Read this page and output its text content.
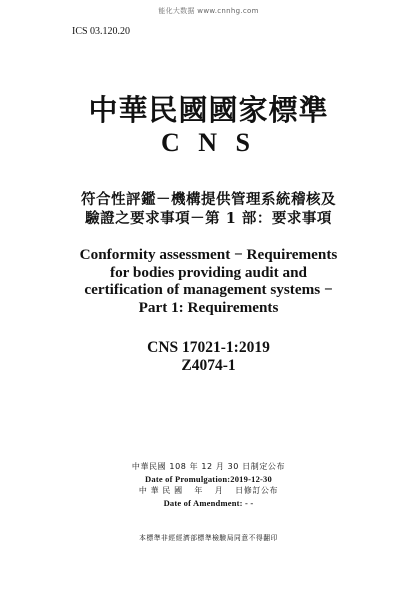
能化大数据 www.cnnhg.com
ICS 03.120.20
中華民國國家標準
C N S
符合性評鑑－機構提供管理系統稽核及
驗證之要求事項－第 1 部：要求事項
Conformity assessment − Requirements
for bodies providing audit and
certification of management systems −
Part 1: Requirements
CNS 17021-1:2019
Z4074-1
中華民國 108 年 12 月 30 日制定公布
Date of Promulgation:2019-12-30
中 華 民 國　 年　 月　 日修訂公布
Date of Amendment: - -
本標準非經經濟部標準檢驗局同意不得翻印
